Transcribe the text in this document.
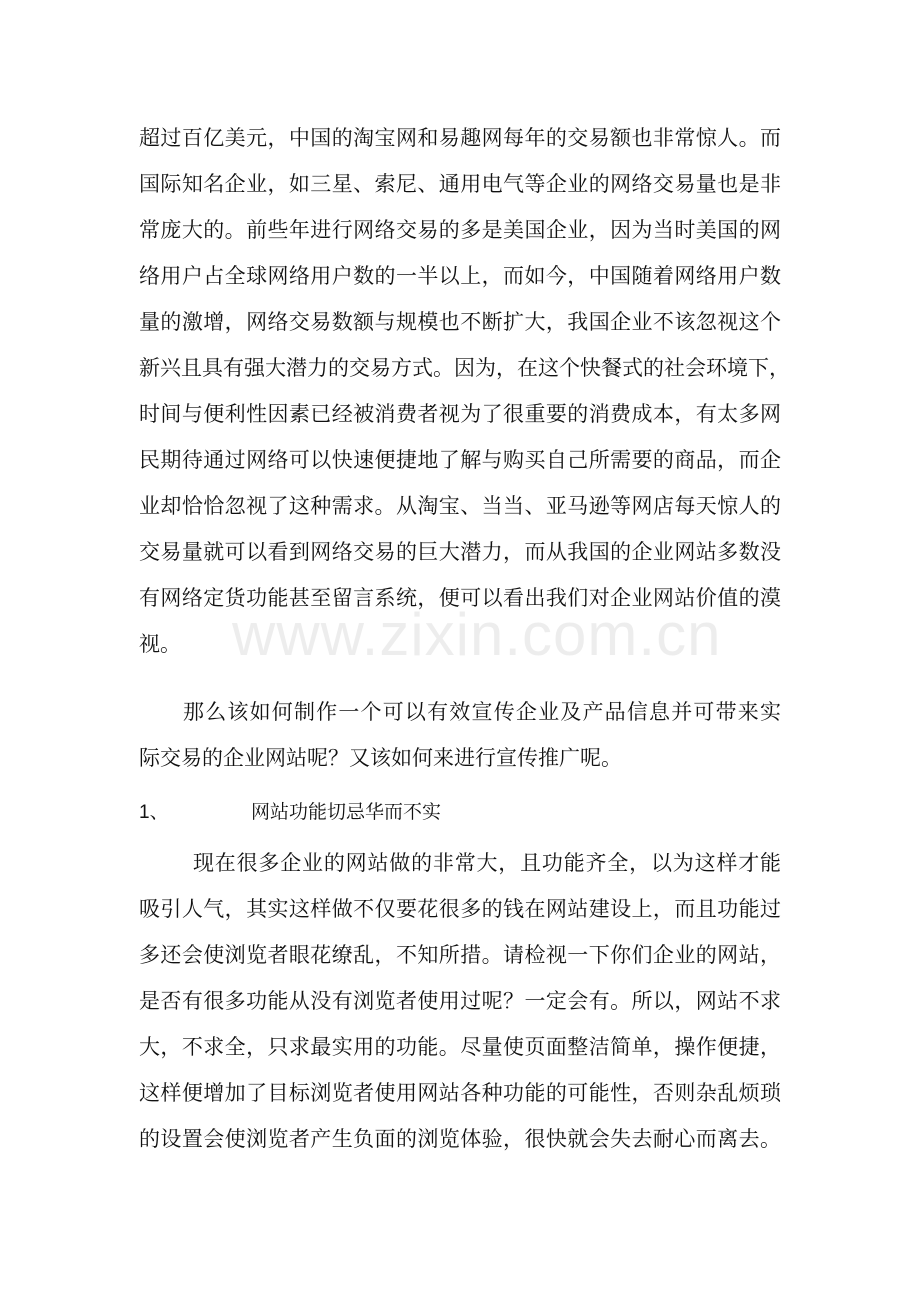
www.zixin.com.cn
超过百亿美元，中国的淘宝网和易趣网每年的交易额也非常惊人。而
国际知名企业，如三星、索尼、通用电气等企业的网络交易量也是非
常庞大的。前些年进行网络交易的多是美国企业，因为当时美国的网
络用户占全球网络用户数的一半以上，而如今，中国随着网络用户数
量的激增，网络交易数额与规模也不断扩大，我国企业不该忽视这个
新兴且具有强大潜力的交易方式。因为，在这个快餐式的社会环境下，
时间与便利性因素已经被消费者视为了很重要的消费成本，有太多网
民期待通过网络可以快速便捷地了解与购买自己所需要的商品，而企
业却恰恰忽视了这种需求。从淘宝、当当、亚马逊等网店每天惊人的
交易量就可以看到网络交易的巨大潜力，而从我国的企业网站多数没
有网络定货功能甚至留言系统，便可以看出我们对企业网站价值的漠
视。
那么该如何制作一个可以有效宣传企业及产品信息并可带来实
际交易的企业网站呢？又该如何来进行宣传推广呢。
1、	网站功能切忌华而不实
现在很多企业的网站做的非常大，且功能齐全，以为这样才能
吸引人气，其实这样做不仅要花很多的钱在网站建设上，而且功能过
多还会使浏览者眼花缭乱，不知所措。请检视一下你们企业的网站，
是否有很多功能从没有浏览者使用过呢？一定会有。所以，网站不求
大，不求全，只求最实用的功能。尽量使页面整洁简单，操作便捷，
这样便增加了目标浏览者使用网站各种功能的可能性，否则杂乱烦琐
的设置会使浏览者产生负面的浏览体验，很快就会失去耐心而离去。
